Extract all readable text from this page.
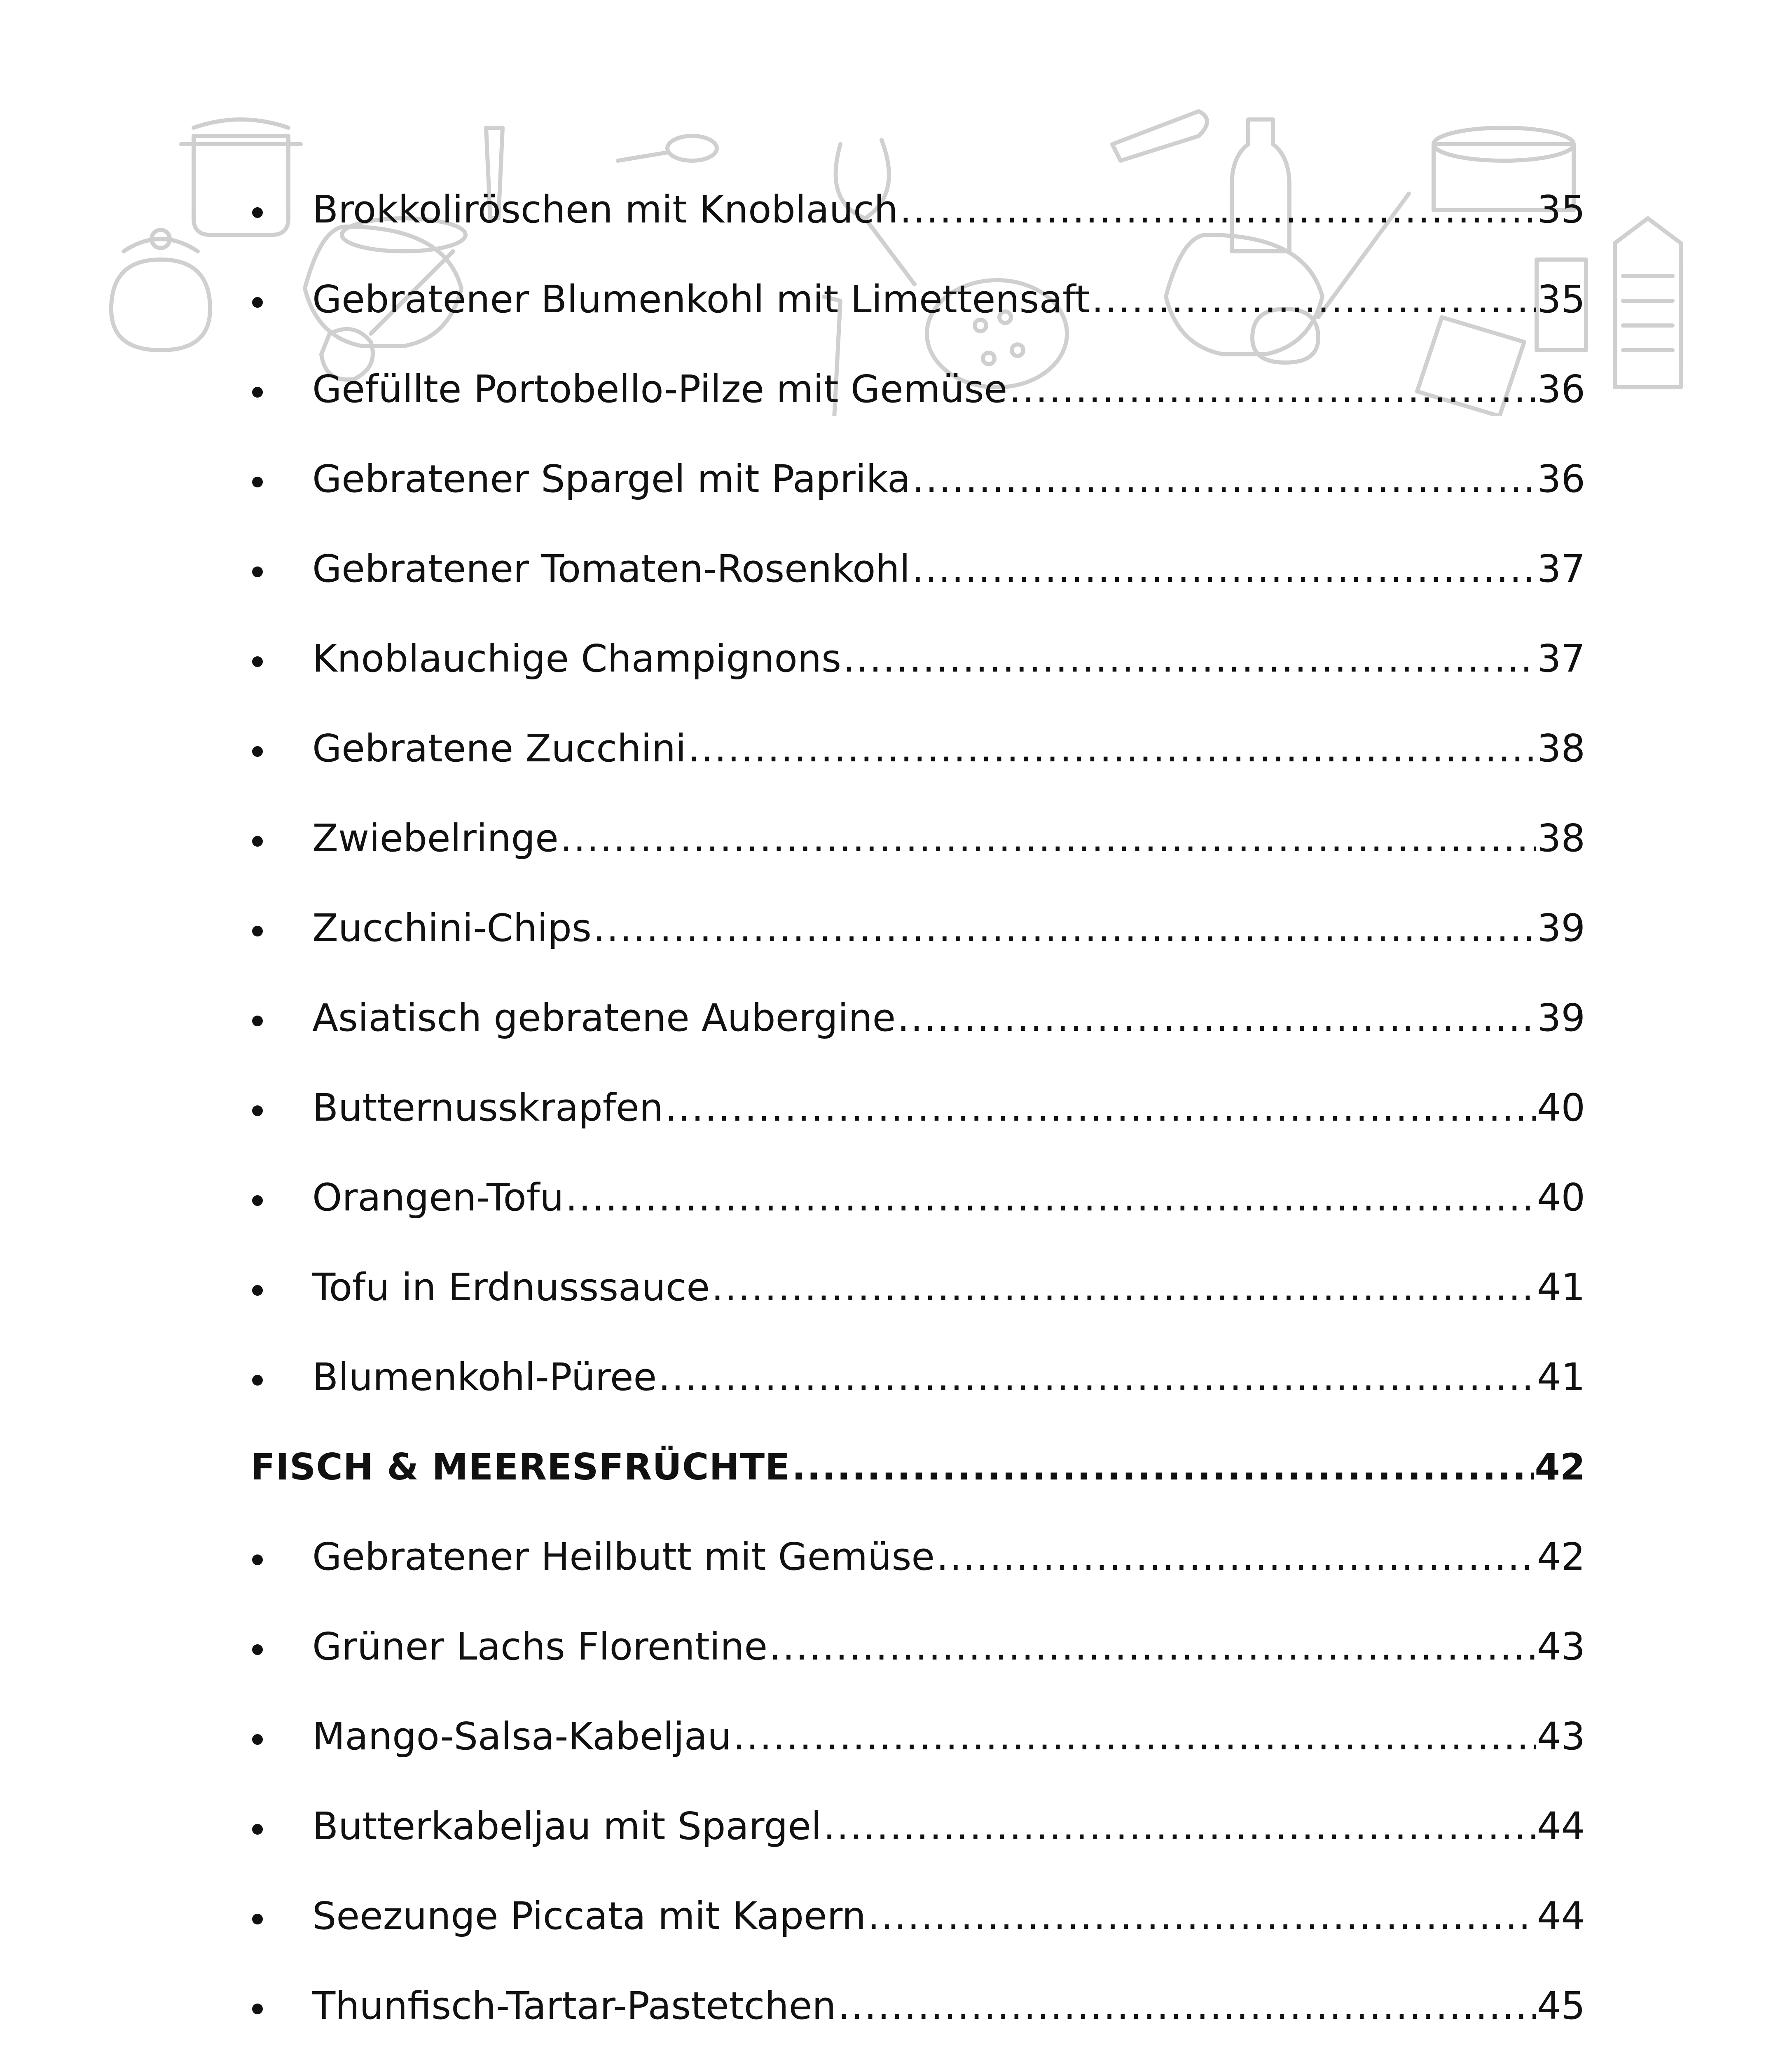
Brokkoliröschen mit Knoblauch .....	35
Gebratener Blumenkohl mit Limettensaft .....	35
Gefüllte Portobello-Pilze mit Gemüse .....	36
Gebratener Spargel mit Paprika .....	36
Gebratener Tomaten-Rosenkohl .....	37
Knoblauchige Champignons .....	37
Gebratene Zucchini .....	38
Zwiebelringe .....	38
Zucchini-Chips .....	39
Asiatisch gebratene Aubergine .....	39
Butternusskrapfen .....	40
Orangen-Tofu .....	40
Tofu in Erdnusssauce .....	41
Blumenkohl-Püree .....	41
FISCH & MEERESFRÜCHTE .....	42
Gebratener Heilbutt mit Gemüse .....	42
Grüner Lachs Florentine .....	43
Mango-Salsa-Kabeljau .....	43
Butterkabeljau mit Spargel .....	44
Seezunge Piccata mit Kapern .....	44
Thunfisch-Tartar-Pastetchen .....	45
